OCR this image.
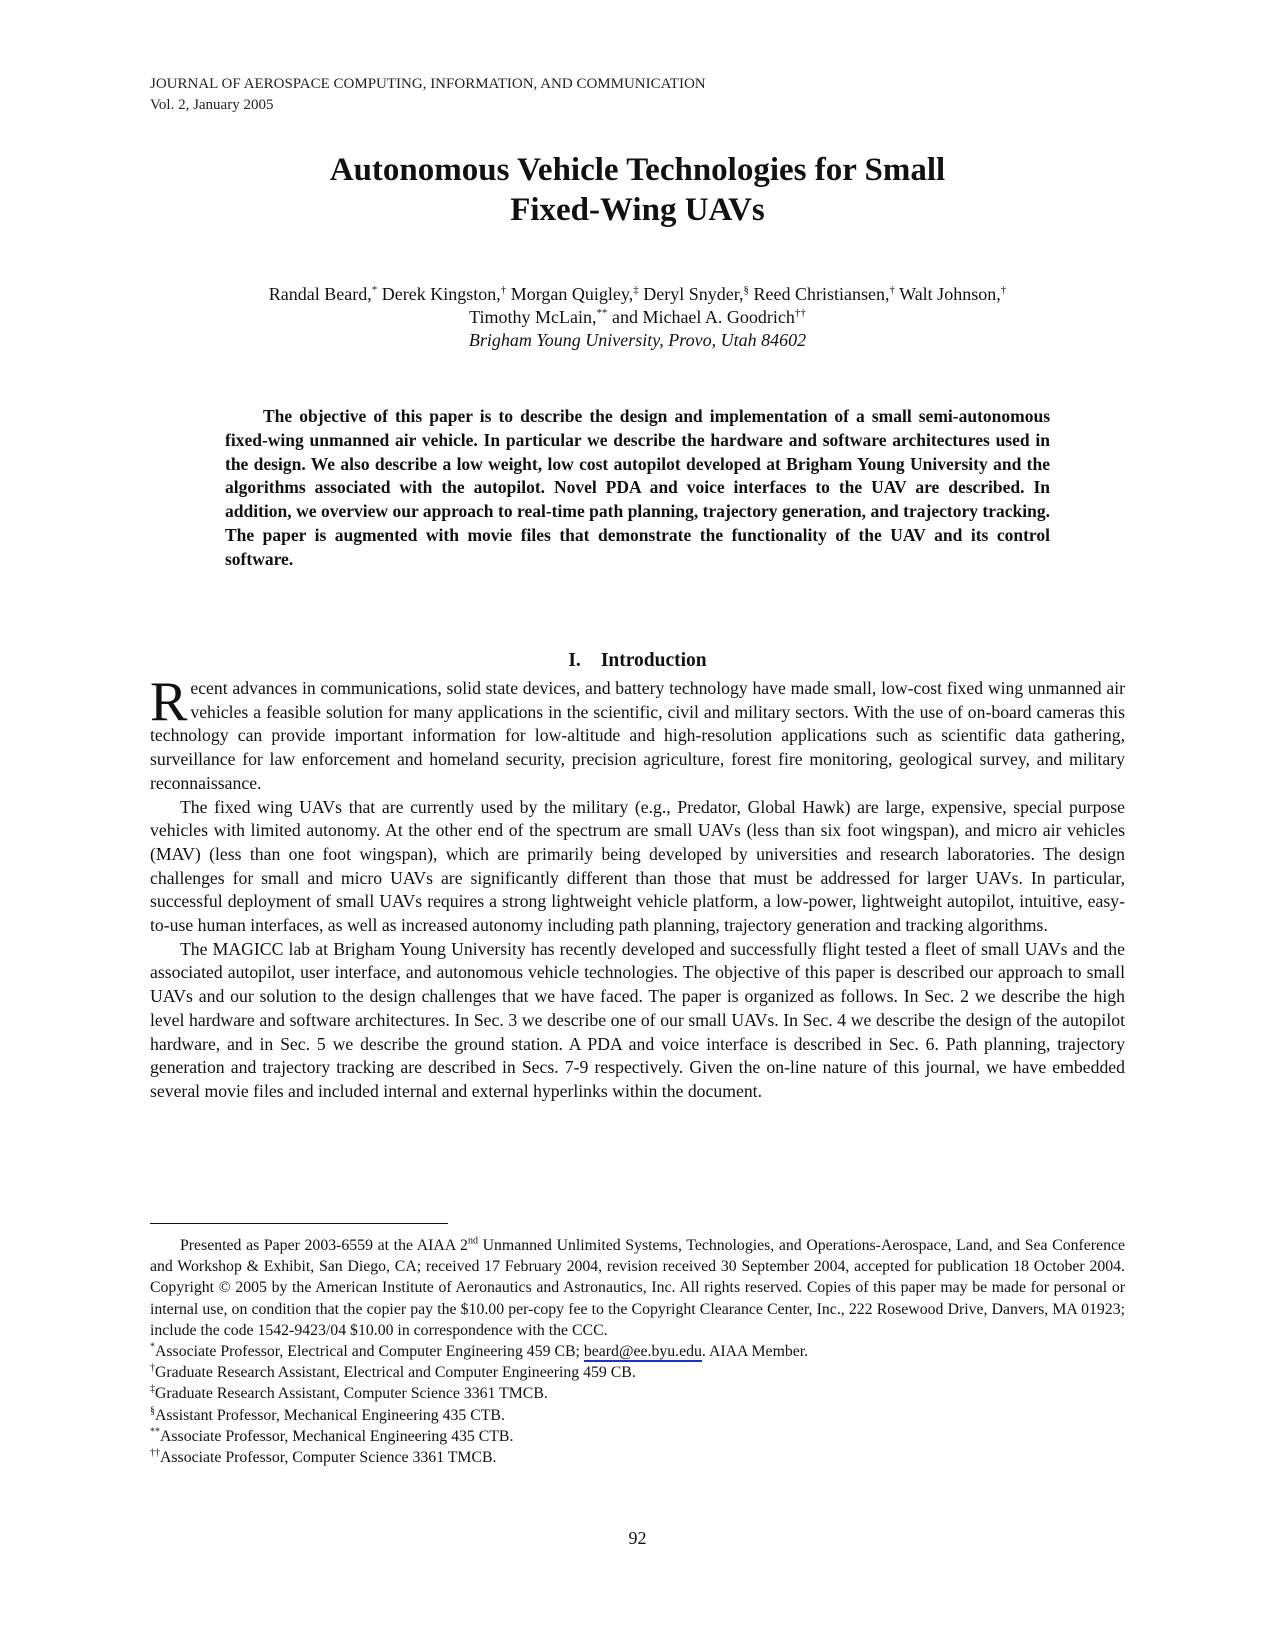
JOURNAL OF AEROSPACE COMPUTING, INFORMATION, AND COMMUNICATION
Vol. 2, January 2005
Autonomous Vehicle Technologies for Small
Fixed-Wing UAVs
Randal Beard,* Derek Kingston,† Morgan Quigley,‡ Deryl Snyder,§ Reed Christiansen,† Walt Johnson,†
Timothy McLain,** and Michael A. Goodrich††
Brigham Young University, Provo, Utah 84602
The objective of this paper is to describe the design and implementation of a small semi-autonomous fixed-wing unmanned air vehicle. In particular we describe the hardware and software architectures used in the design. We also describe a low weight, low cost autopilot developed at Brigham Young University and the algorithms associated with the autopilot. Novel PDA and voice interfaces to the UAV are described. In addition, we overview our approach to real-time path planning, trajectory generation, and trajectory tracking. The paper is augmented with movie files that demonstrate the functionality of the UAV and its control software.
I. Introduction

Recent advances in communications, solid state devices, and battery technology have made small, low-cost fixed wing unmanned air vehicles a feasible solution for many applications in the scientific, civil and military sectors. With the use of on-board cameras this technology can provide important information for low-altitude and high-resolution applications such as scientific data gathering, surveillance for law enforcement and homeland security, precision agriculture, forest fire monitoring, geological survey, and military reconnaissance.

The fixed wing UAVs that are currently used by the military (e.g., Predator, Global Hawk) are large, expensive, special purpose vehicles with limited autonomy. At the other end of the spectrum are small UAVs (less than six foot wingspan), and micro air vehicles (MAV) (less than one foot wingspan), which are primarily being developed by universities and research laboratories. The design challenges for small and micro UAVs are significantly different than those that must be addressed for larger UAVs. In particular, successful deployment of small UAVs requires a strong lightweight vehicle platform, a low-power, lightweight autopilot, intuitive, easy-to-use human interfaces, as well as increased autonomy including path planning, trajectory generation and tracking algorithms.

The MAGICC lab at Brigham Young University has recently developed and successfully flight tested a fleet of small UAVs and the associated autopilot, user interface, and autonomous vehicle technologies. The objective of this paper is described our approach to small UAVs and our solution to the design challenges that we have faced. The paper is organized as follows. In Sec. 2 we describe the high level hardware and software architectures. In Sec. 3 we describe one of our small UAVs. In Sec. 4 we describe the design of the autopilot hardware, and in Sec. 5 we describe the ground station. A PDA and voice interface is described in Sec. 6. Path planning, trajectory generation and trajectory tracking are described in Secs. 7-9 respectively. Given the on-line nature of this journal, we have embedded several movie files and included internal and external hyperlinks within the document.

Presented as Paper 2003-6559 at the AIAA 2nd Unmanned Unlimited Systems, Technologies, and Operations-Aerospace, Land, and Sea Conference and Workshop & Exhibit, San Diego, CA; received 17 February 2004, revision received 30 September 2004, accepted for publication 18 October 2004. Copyright © 2005 by the American Institute of Aeronautics and Astronautics, Inc. All rights reserved. Copies of this paper may be made for personal or internal use, on condition that the copier pay the $10.00 per-copy fee to the Copyright Clearance Center, Inc., 222 Rosewood Drive, Danvers, MA 01923; include the code 1542-9423/04 $10.00 in correspondence with the CCC.

*Associate Professor, Electrical and Computer Engineering 459 CB; beard@ee.byu.edu. AIAA Member.

†Graduate Research Assistant, Electrical and Computer Engineering 459 CB.

‡Graduate Research Assistant, Computer Science 3361 TMCB.

§Assistant Professor, Mechanical Engineering 435 CTB.

**Associate Professor, Mechanical Engineering 435 CTB.

††Associate Professor, Computer Science 3361 TMCB.

92
